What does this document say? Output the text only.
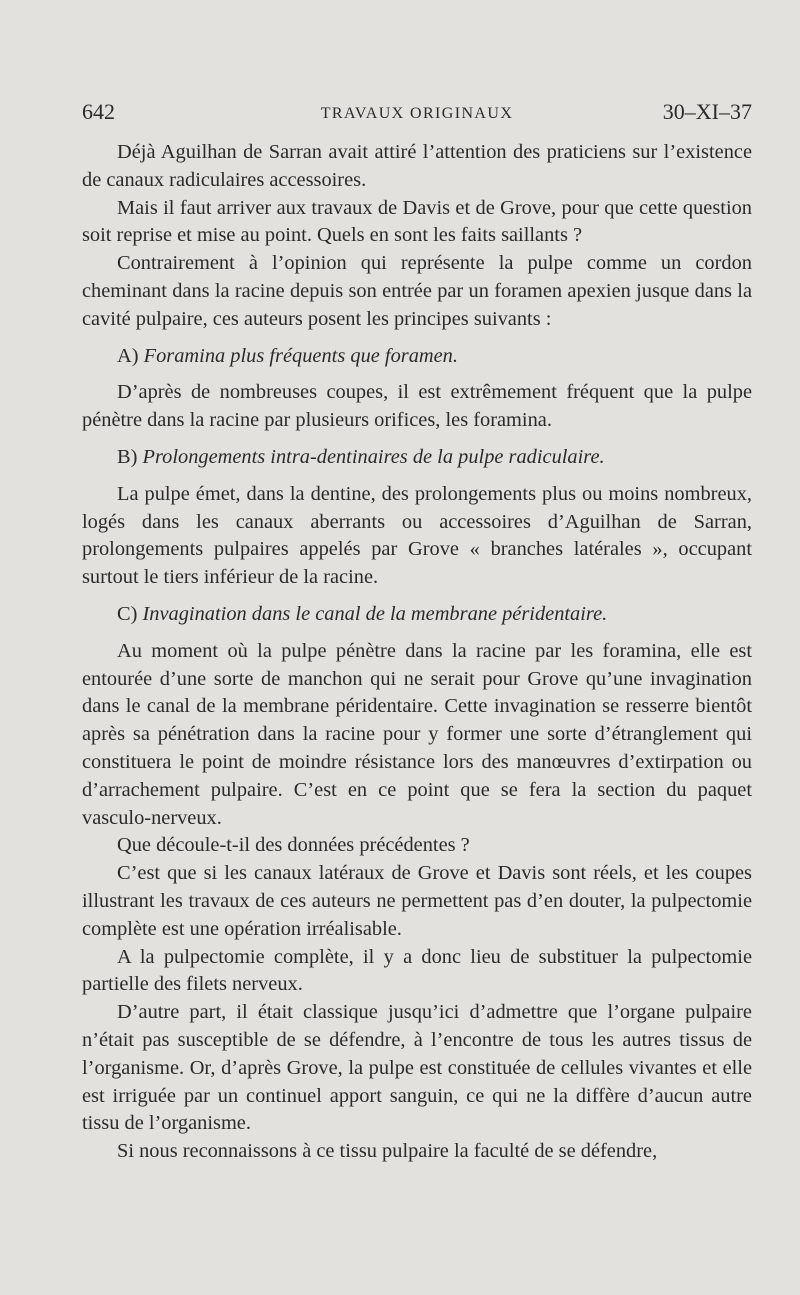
642	TRAVAUX ORIGINAUX	30–XI–37

Déjà Aguilhan de Sarran avait attiré l’attention des praticiens sur l’existence de canaux radiculaires accessoires.

Mais il faut arriver aux travaux de Davis et de Grove, pour que cette question soit reprise et mise au point. Quels en sont les faits saillants ?

Contrairement à l’opinion qui représente la pulpe comme un cordon cheminant dans la racine depuis son entrée par un foramen apexien jusque dans la cavité pulpaire, ces auteurs posent les principes suivants :

A) Foramina plus fréquents que foramen.

D’après de nombreuses coupes, il est extrêmement fréquent que la pulpe pénètre dans la racine par plusieurs orifices, les foramina.

B) Prolongements intra-dentinaires de la pulpe radiculaire.

La pulpe émet, dans la dentine, des prolongements plus ou moins nombreux, logés dans les canaux aberrants ou accessoires d’Aguilhan de Sarran, prolongements pulpaires appelés par Grove « branches latérales », occupant surtout le tiers inférieur de la racine.

C) Invagination dans le canal de la membrane péridentaire.

Au moment où la pulpe pénètre dans la racine par les foramina, elle est entourée d’une sorte de manchon qui ne serait pour Grove qu’une invagination dans le canal de la membrane péridentaire. Cette invagination se resserre bientôt après sa pénétration dans la racine pour y former une sorte d’étranglement qui constituera le point de moindre résistance lors des manœuvres d’extirpation ou d’arrachement pulpaire. C’est en ce point que se fera la section du paquet vasculo-nerveux.

Que découle-t-il des données précédentes ?

C’est que si les canaux latéraux de Grove et Davis sont réels, et les coupes illustrant les travaux de ces auteurs ne permettent pas d’en douter, la pulpectomie complète est une opération irréalisable.

A la pulpectomie complète, il y a donc lieu de substituer la pulpectomie partielle des filets nerveux.

D’autre part, il était classique jusqu’ici d’admettre que l’organe pulpaire n’était pas susceptible de se défendre, à l’encontre de tous les autres tissus de l’organisme. Or, d’après Grove, la pulpe est constituée de cellules vivantes et elle est irriguée par un continuel apport sanguin, ce qui ne la diffère d’aucun autre tissu de l’organisme.

Si nous reconnaissons à ce tissu pulpaire la faculté de se défendre,
